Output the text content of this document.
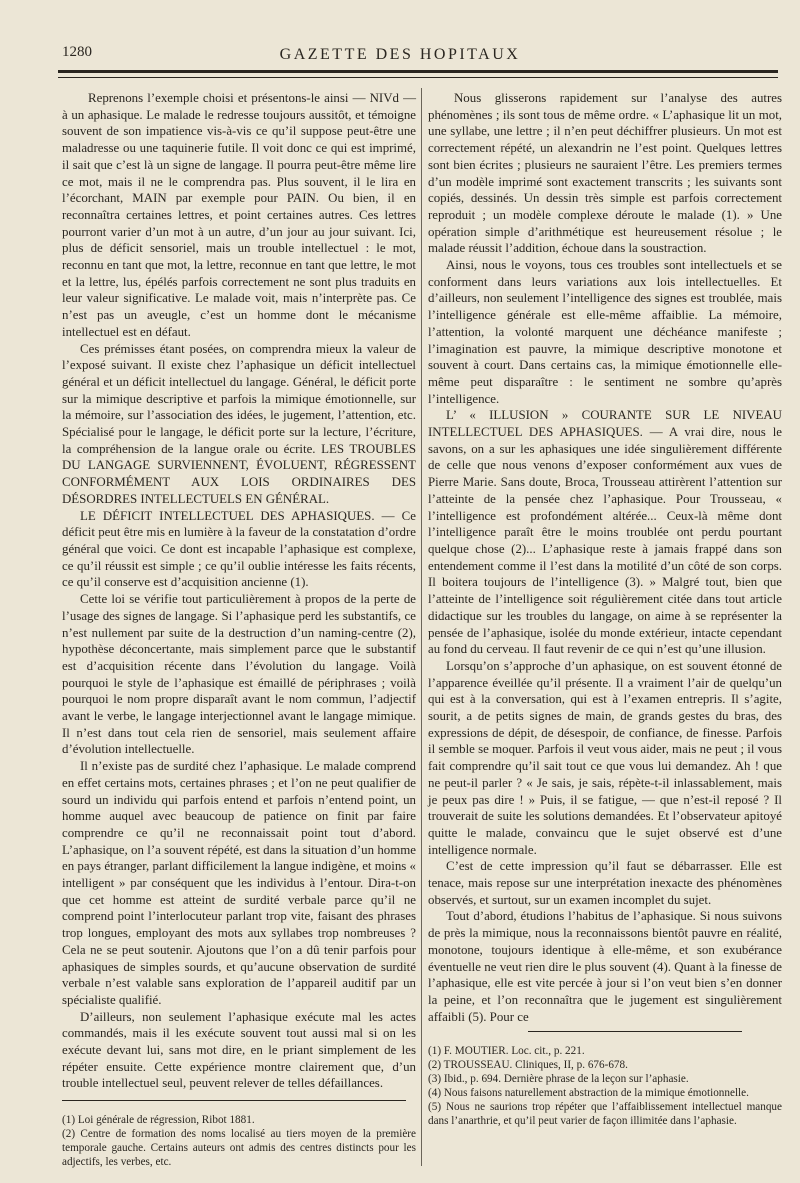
1280	GAZETTE DES HOPITAUX

Reprenons l’exemple choisi et présentons-le ainsi — NIVd — à un aphasique. Le malade le redresse toujours aussitôt, et témoigne souvent de son impatience vis-à-vis ce qu’il suppose peut-être une maladresse ou une taquinerie futile. Il voit donc ce qui est imprimé, il sait que c’est là un signe de langage. Il pourra peut-être même lire ce mot, mais il ne le comprendra pas. Plus souvent, il le lira en l’écorchant, MAIN par exemple pour PAIN. Ou bien, il en reconnaîtra certaines lettres, et point certaines autres. Ces lettres pourront varier d’un mot à un autre, d’un jour au jour suivant. Ici, plus de déficit sensoriel, mais un trouble intellectuel : le mot, reconnu en tant que mot, la lettre, reconnue en tant que lettre, le mot et la lettre, lus, épélés parfois correctement ne sont plus traduits en leur valeur significative. Le malade voit, mais n’interprète pas. Ce n’est pas un aveugle, c’est un homme dont le mécanisme intellectuel est en défaut.

Ces prémisses étant posées, on comprendra mieux la valeur de l’exposé suivant. Il existe chez l’aphasique un déficit intellectuel général et un déficit intellectuel du langage. Général, le déficit porte sur la mimique descriptive et parfois la mimique émotionnelle, sur la mémoire, sur l’association des idées, le jugement, l’attention, etc. Spécialisé pour le langage, le déficit porte sur la lecture, l’écriture, la compréhension de la langue orale ou écrite. LES TROUBLES DU LANGAGE SURVIENNENT, ÉVOLUENT, RÉGRESSENT CONFORMÉMENT AUX LOIS ORDINAIRES DES DÉSORDRES INTELLECTUELS EN GÉNÉRAL.

LE DÉFICIT INTELLECTUEL DES APHASIQUES. — Ce déficit peut être mis en lumière à la faveur de la constatation d’ordre général que voici. Ce dont est incapable l’aphasique est complexe, ce qu’il réussit est simple ; ce qu’il oublie intéresse les faits récents, ce qu’il conserve est d’acquisition ancienne (1).

Cette loi se vérifie tout particulièrement à propos de la perte de l’usage des signes de langage. Si l’aphasique perd les substantifs, ce n’est nullement par suite de la destruction d’un naming-centre (2), hypothèse déconcertante, mais simplement parce que le substantif est d’acquisition récente dans l’évolution du langage. Voilà pourquoi le style de l’aphasique est émaillé de périphrases ; voilà pourquoi le nom propre disparaît avant le nom commun, l’adjectif avant le verbe, le langage interjectionnel avant le langage mimique. Il n’est dans tout cela rien de sensoriel, mais seulement affaire d’évolution intellectuelle.

Il n’existe pas de surdité chez l’aphasique. Le malade comprend en effet certains mots, certaines phrases ; et l’on ne peut qualifier de sourd un individu qui parfois entend et parfois n’entend point, un homme auquel avec beaucoup de patience on finit par faire comprendre ce qu’il ne reconnaissait point tout d’abord. L’aphasique, on l’a souvent répété, est dans la situation d’un homme en pays étranger, parlant difficilement la langue indigène, et moins « intelligent » par conséquent que les individus à l’entour. Dira-t-on que cet homme est atteint de surdité verbale parce qu’il ne comprend point l’interlocuteur parlant trop vite, faisant des phrases trop longues, employant des mots aux syllabes trop nombreuses ? Cela ne se peut soutenir. Ajoutons que l’on a dû tenir parfois pour aphasiques de simples sourds, et qu’aucune observation de surdité verbale n’est valable sans exploration de l’appareil auditif par un spécialiste qualifié.

D’ailleurs, non seulement l’aphasique exécute mal les actes commandés, mais il les exécute souvent tout aussi mal si on les exécute devant lui, sans mot dire, en le priant simplement de les répéter ensuite. Cette expérience montre clairement que, d’un trouble intellectuel seul, peuvent relever de telles défaillances.

(1) Loi générale de régression, Ribot 1881.

(2) Centre de formation des noms localisé au tiers moyen de la première temporale gauche. Certains auteurs ont admis des centres distincts pour les adjectifs, les verbes, etc.

Nous glisserons rapidement sur l’analyse des autres phénomènes ; ils sont tous de même ordre. « L’aphasique lit un mot, une syllabe, une lettre ; il n’en peut déchiffrer plusieurs. Un mot est correctement répété, un alexandrin ne l’est point. Quelques lettres sont bien écrites ; plusieurs ne sauraient l’être. Les premiers termes d’un modèle imprimé sont exactement transcrits ; les suivants sont copiés, dessinés. Un dessin très simple est parfois correctement reproduit ; un modèle complexe déroute le malade (1). » Une opération simple d’arithmétique est heureusement résolue ; le malade réussit l’addition, échoue dans la soustraction.

Ainsi, nous le voyons, tous ces troubles sont intellectuels et se conforment dans leurs variations aux lois intellectuelles. Et d’ailleurs, non seulement l’intelligence des signes est troublée, mais l’intelligence générale est elle-même affaiblie. La mémoire, l’attention, la volonté marquent une déchéance manifeste ; l’imagination est pauvre, la mimique descriptive monotone et souvent à court. Dans certains cas, la mimique émotionnelle elle-même peut disparaître : le sentiment ne sombre qu’après l’intelligence.

L’ « ILLUSION » COURANTE SUR LE NIVEAU INTELLECTUEL DES APHASIQUES. — A vrai dire, nous le savons, on a sur les aphasiques une idée singulièrement différente de celle que nous venons d’exposer conformément aux vues de Pierre Marie. Sans doute, Broca, Trousseau attirèrent l’attention sur l’atteinte de la pensée chez l’aphasique. Pour Trousseau, « l’intelligence est profondément altérée... Ceux-là même dont l’intelligence paraît être le moins troublée ont perdu pourtant quelque chose (2)... L’aphasique reste à jamais frappé dans son entendement comme il l’est dans la motilité d’un côté de son corps. Il boitera toujours de l’intelligence (3). » Malgré tout, bien que l’atteinte de l’intelligence soit régulièrement citée dans tout article didactique sur les troubles du langage, on aime à se représenter la pensée de l’aphasique, isolée du monde extérieur, intacte cependant au fond du cerveau. Il faut revenir de ce qui n’est qu’une illusion.

Lorsqu’on s’approche d’un aphasique, on est souvent étonné de l’apparence éveillée qu’il présente. Il a vraiment l’air de quelqu’un qui est à la conversation, qui est à l’examen entrepris. Il s’agite, sourit, a de petits signes de main, de grands gestes du bras, des expressions de dépit, de désespoir, de confiance, de finesse. Parfois il semble se moquer. Parfois il veut vous aider, mais ne peut ; il vous fait comprendre qu’il sait tout ce que vous lui demandez. Ah ! que ne peut-il parler ? « Je sais, je sais, répète-t-il inlassablement, mais je peux pas dire ! » Puis, il se fatigue, — que n’est-il reposé ? Il trouverait de suite les solutions demandées. Et l’observateur apitoyé quitte le malade, convaincu que le sujet observé est d’une intelligence normale.

C’est de cette impression qu’il faut se débarrasser. Elle est tenace, mais repose sur une interprétation inexacte des phénomènes observés, et surtout, sur un examen incomplet du sujet.

Tout d’abord, étudions l’habitus de l’aphasique. Si nous suivons de près la mimique, nous la reconnaissons bientôt pauvre en réalité, monotone, toujours identique à elle-même, et son exubérance éventuelle ne veut rien dire le plus souvent (4). Quant à la finesse de l’aphasique, elle est vite percée à jour si l’on veut bien s’en donner la peine, et l’on reconnaîtra que le jugement est singulièrement affaibli (5). Pour ce

(1) F. MOUTIER. Loc. cit., p. 221.

(2) TROUSSEAU. Cliniques, II, p. 676-678.

(3) Ibid., p. 694. Dernière phrase de la leçon sur l’aphasie.

(4) Nous faisons naturellement abstraction de la mimique émotionnelle.

(5) Nous ne saurions trop répéter que l’affaiblissement intellectuel manque dans l’anarthrie, et qu’il peut varier de façon illimitée dans l’aphasie.
